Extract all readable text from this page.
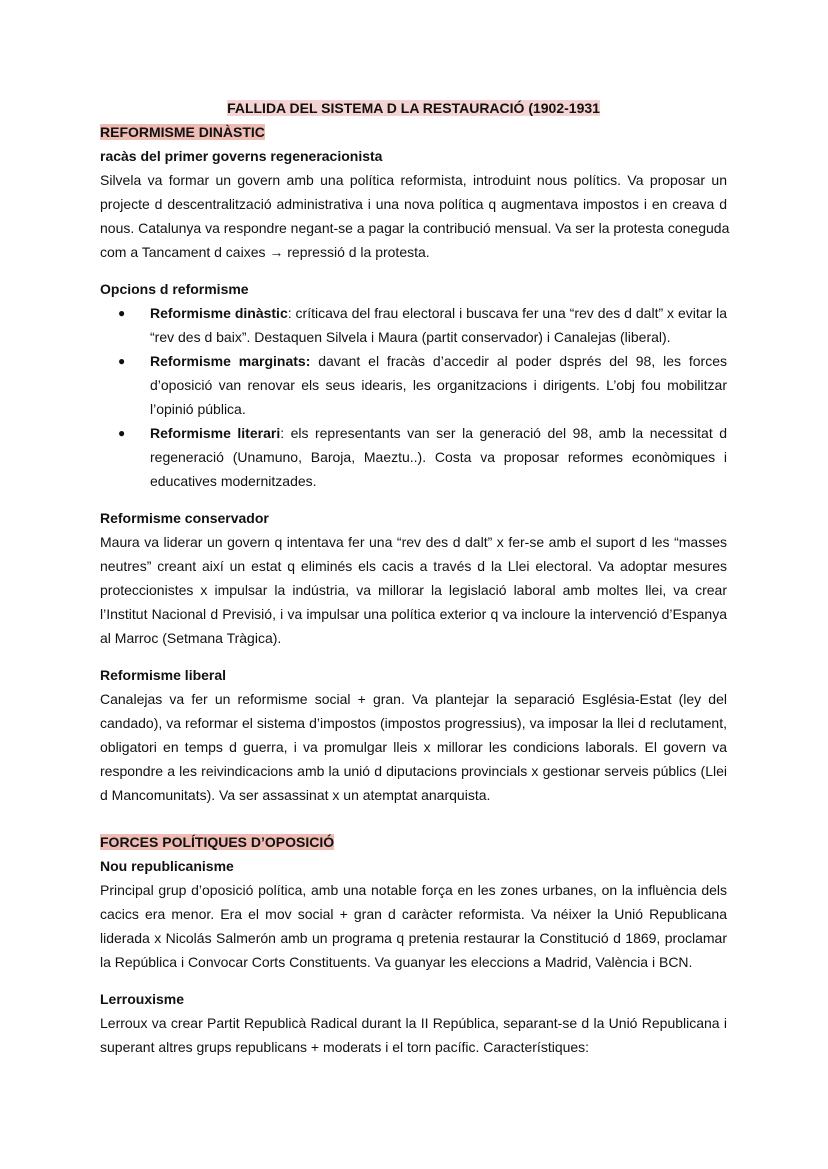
FALLIDA DEL SISTEMA D LA RESTAURACIÓ (1902-1931
REFORMISME DINÀSTIC
racàs del primer governs regeneracionista
Silvela va formar un govern amb una política reformista, introduint nous polítics. Va proposar un
projecte d descentralització administrativa i una nova política q augmentava impostos i en creava d
nous. Catalunya va respondre negant-se a pagar la contribució mensual. Va ser la protesta coneguda
com a Tancament d caixes → repressió d la protesta.
Opcions d reformisme
● Reformisme dinàstic: críticava del frau electoral i buscava fer una “rev des d dalt” x evitar la
“rev des d baix”. Destaquen Silvela i Maura (partit conservador) i Canalejas (liberal).
● Reformisme marginats: davant el fracàs d’accedir al poder dsprés del 98, les forces
d’oposició van renovar els seus idearis, les organitzacions i dirigents. L’obj fou mobilitzar
l’opinió pública.
● Reformisme literari: els representants van ser la generació del 98, amb la necessitat d
regeneració (Unamuno, Baroja, Maeztu..). Costa va proposar reformes econòmiques i
educatives modernitzades.
Reformisme conservador
Maura va liderar un govern q intentava fer una “rev des d dalt” x fer-se amb el suport d les “masses
neutres” creant així un estat q eliminés els cacis a través d la Llei electoral. Va adoptar mesures
proteccionistes x impulsar la indústria, va millorar la legislació laboral amb moltes llei, va crear
l’Institut Nacional d Previsió, i va impulsar una política exterior q va incloure la intervenció d’Espanya
al Marroc (Setmana Tràgica).
Reformisme liberal
Canalejas va fer un reformisme social + gran. Va plantejar la separació Església-Estat (ley del
candado), va reformar el sistema d’impostos (impostos progressius), va imposar la llei d reclutament,
obligatori en temps d guerra, i va promulgar lleis x millorar les condicions laborals. El govern va
respondre a les reivindicacions amb la unió d diputacions provincials x gestionar serveis públics (Llei
d Mancomunitats). Va ser assassinat x un atemptat anarquista.
FORCES POLÍTIQUES D’OPOSICIÓ
Nou republicanisme
Principal grup d’oposició política, amb una notable força en les zones urbanes, on la influència dels
cacics era menor. Era el mov social + gran d caràcter reformista. Va néixer la Unió Republicana
liderada x Nicolás Salmerón amb un programa q pretenia restaurar la Constitució d 1869, proclamar
la República i Convocar Corts Constituents. Va guanyar les eleccions a Madrid, València i BCN.
Lerrouxisme
Lerroux va crear Partit Republicà Radical durant la II República, separant-se d la Unió Republicana i
superant altres grups republicans + moderats i el torn pacífic. Característiques:
